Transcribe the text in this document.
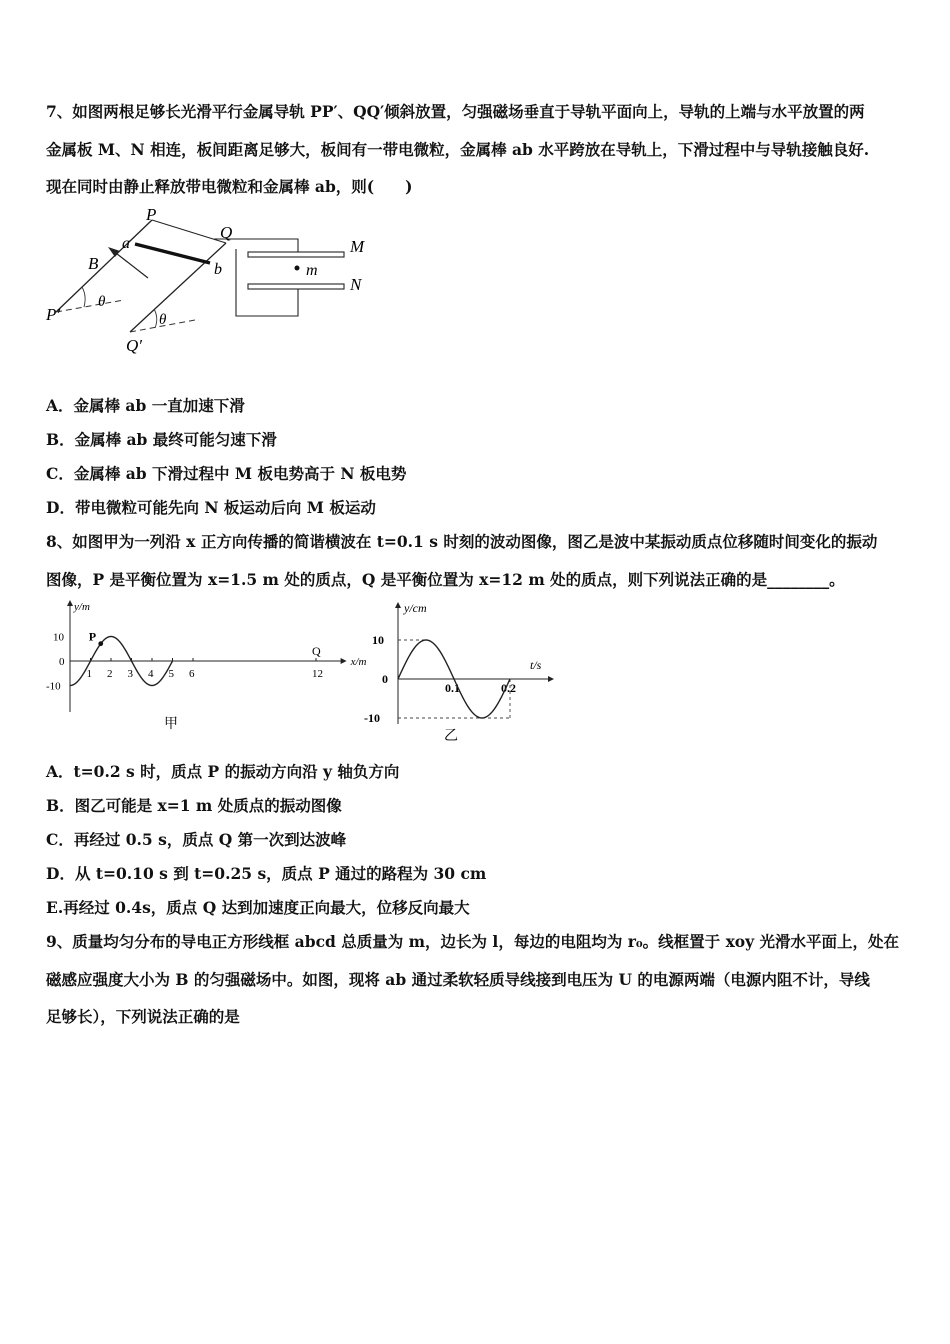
7、如图两根足够长光滑平行金属导轨 PP′、QQ′倾斜放置，匀强磁场垂直于导轨平面向上，导轨的上端与水平放置的两
金属板 M、N 相连，板间距离足够大，板间有一带电微粒，金属棒 ab 水平跨放在导轨上，下滑过程中与导轨接触良好.
现在同时由静止释放带电微粒和金属棒 ab，则(　　)
P
Q
a
b
B
M
N
m
P′
Q′
θ
θ
A．金属棒 ab 一直加速下滑
B．金属棒 ab 最终可能匀速下滑
C．金属棒 ab 下滑过程中 M 板电势高于 N 板电势
D．带电微粒可能先向 N 板运动后向 M 板运动
8、如图甲为一列沿 x 正方向传播的简谐横波在 t=0.1 s 时刻的波动图像，图乙是波中某振动质点位移随时间变化的振动
图像，P 是平衡位置为 x=1.5 m 处的质点，Q 是平衡位置为 x=12 m 处的质点，则下列说法正确的是________。
1 2 3 4 5 6	12
10
0
-10
P
Q
y/m
x/m
甲
0.1	0.2
10
0
-10
y/cm
t/s
乙
A．t=0.2 s 时，质点 P 的振动方向沿 y 轴负方向
B．图乙可能是 x=1 m 处质点的振动图像
C．再经过 0.5 s，质点 Q 第一次到达波峰
D．从 t=0.10 s 到 t=0.25 s，质点 P 通过的路程为 30 cm
E.再经过 0.4s，质点 Q 达到加速度正向最大，位移反向最大
9、质量均匀分布的导电正方形线框 abcd 总质量为 m，边长为 l，每边的电阻均为 r₀。线框置于 xoy 光滑水平面上，处在
磁感应强度大小为 B 的匀强磁场中。如图，现将 ab 通过柔软轻质导线接到电压为 U 的电源两端（电源内阻不计，导线
足够长），下列说法正确的是
